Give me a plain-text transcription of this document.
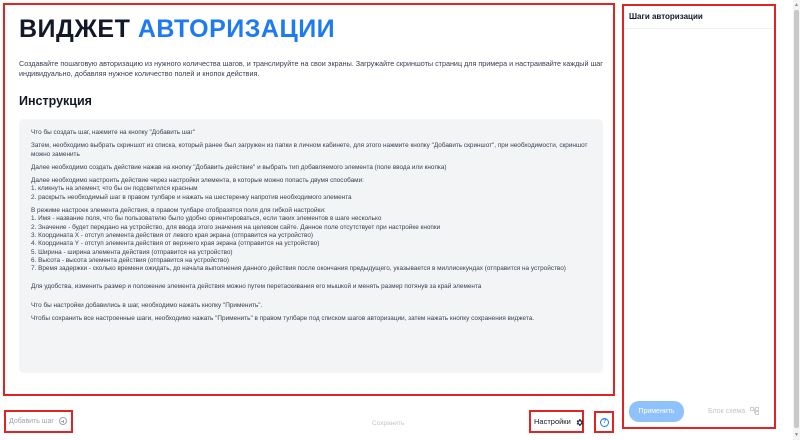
ВИДЖЕТ АВТОРИЗАЦИИ
Создавайте пошаговую авторизацию из нужного количества шагов, и транслируйте на свои экраны. Загружайте скриншоты страниц для примера и настраивайте каждый шаг индивидуально, добавляя нужное количество полей и кнопок действия.
Инструкция

Что бы создать шаг, нажмите на кнопку "Добавить шаг"

Затем, необходимо выбрать скриншот из списка, который ранее был загружен из папки в личном кабинете, для этого нажмите кнопку "Добавить скриншот", при необходимости, скриншот можно заменить

Далее необходимо создать действие нажав на кнопку "Добавить действие" и выбрать тип добавляемого элемента (поле ввода или кнопка)

Далее необходимо настроить действие через настройки элемента, в которые можно попасть двумя способами:
1. кликнуть на элемент, что бы он подсветился красным
2. раскрыть необходимый шаг в правом тулбаре и нажать на шестеренку напротив необходимого элемента

В режиме настроек элемента действия, в правом тулбаре отобразятся поля для гибкой настройки:
1. Имя - название поля, что бы пользователю было удобно ориентироваться, если таких элементов в шаге несколько
2. Значение - будет передано на устройство, для ввода этого значения на целевом сайте. Данное поле отсутствует при настройке кнопки
3. Координата X - отступ элемента действия от левого края экрана (отправится на устройство)
4. Координата Y - отступ элемента действия от верхнего края экрана (отправится на устройство)
5. Ширина - ширина элемента действия (отправится на устройство)
6. Высота - высота элемента действия (отправится на устройство)
7. Время задержки - сколько времени ожидать, до начала выполнения данного действия после окончания предыдущего, указывается в миллисекундах (отправится на устройство)

Для удобства, изменить размер и положение элемента действия можно путем перетаскивания его мышкой и менять размер потянув за край элемента

Что бы настройки добавились в шаг, необходимо нажать кнопку "Применить".

Чтобы сохранить все настроенные шаги, необходимо нажать "Применить" в правом тулбаре под списком шагов авторизации, затем нажать кнопку сохранения виджета.

Шаги авторизации
Применить	Блок схема
Добавить шаг	Сохранить	Настройки	?
▲
▼
